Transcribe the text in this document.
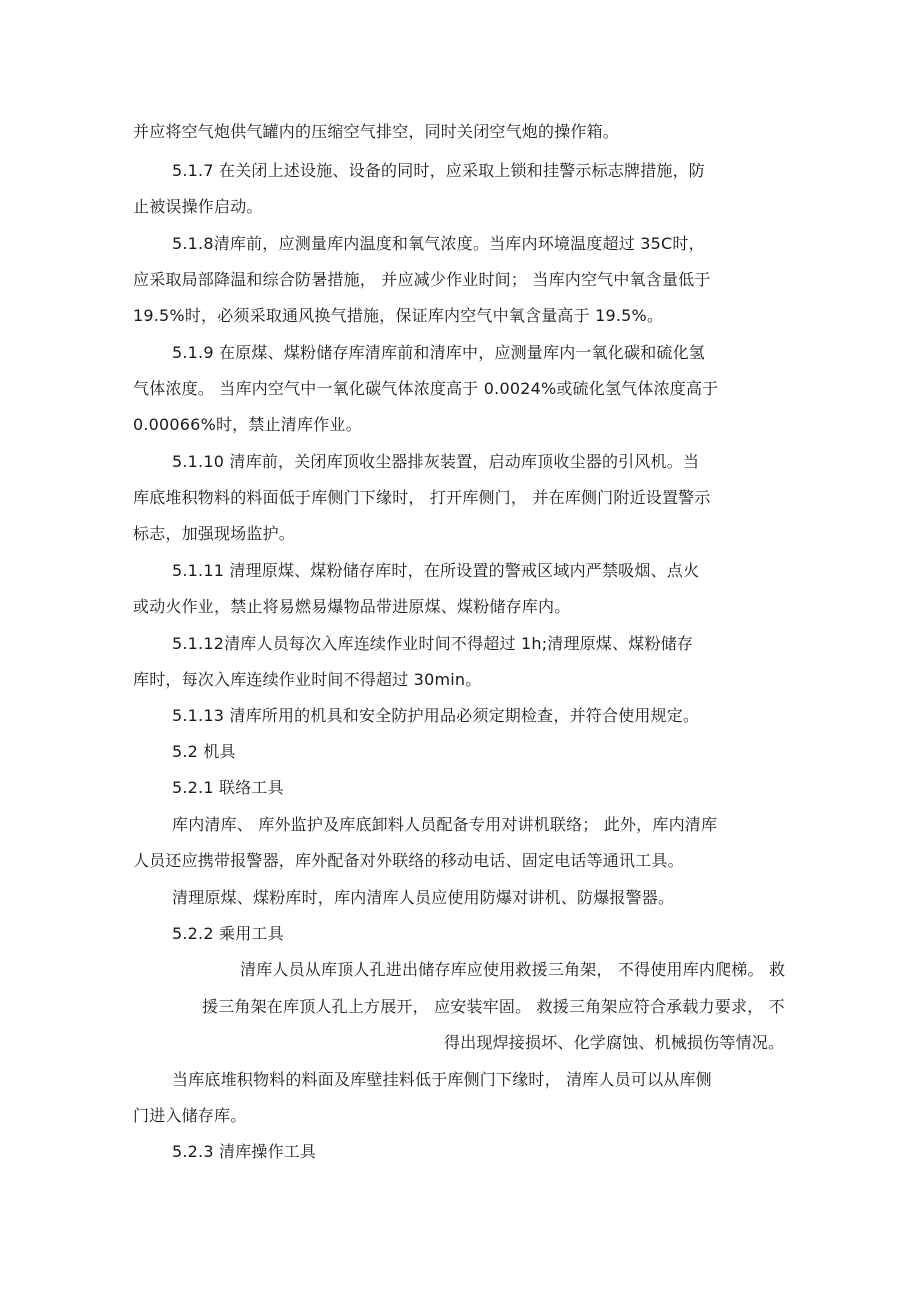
并应将空气炮供气罐内的压缩空气排空，同时关闭空气炮的操作箱。
5.1.7 在关闭上述设施、设备的同时，应采取上锁和挂警示标志牌措施，防
止被误操作启动。
5.1.8清库前，应测量库内温度和氧气浓度。当库内环境温度超过 35C时，
应采取局部降温和综合防暑措施， 并应减少作业时间； 当库内空气中氧含量低于
19.5%时，必须采取通风换气措施，保证库内空气中氧含量高于 19.5%。
5.1.9 在原煤、煤粉储存库清库前和清库中，应测量库内一氧化碳和硫化氢
气体浓度。 当库内空气中一氧化碳气体浓度高于 0.0024%或硫化氢气体浓度高于
0.00066%时，禁止清库作业。
5.1.10 清库前，关闭库顶收尘器排灰装置，启动库顶收尘器的引风机。当
库底堆积物料的料面低于库侧门下缘时， 打开库侧门， 并在库侧门附近设置警示
标志，加强现场监护。
5.1.11 清理原煤、煤粉储存库时，在所设置的警戒区域内严禁吸烟、点火
或动火作业，禁止将易燃易爆物品带进原煤、煤粉储存库内。
5.1.12清库人员每次入库连续作业时间不得超过 1h;清理原煤、煤粉储存
库时，每次入库连续作业时间不得超过 30min。
5.1.13 清库所用的机具和安全防护用品必须定期检查，并符合使用规定。
5.2 机具
5.2.1 联络工具
库内清库、 库外监护及库底卸料人员配备专用对讲机联络； 此外，库内清库
人员还应携带报警器，库外配备对外联络的移动电话、固定电话等通讯工具。
清理原煤、煤粉库时，库内清库人员应使用防爆对讲机、防爆报警器。
5.2.2 乘用工具
清库人员从库顶人孔进出储存库应使用救援三角架， 不得使用库内爬梯。 救
援三角架在库顶人孔上方展开， 应安装牢固。 救援三角架应符合承载力要求， 不
得出现焊接损坏、化学腐蚀、机械损伤等情况。
当库底堆积物料的料面及库壁挂料低于库侧门下缘时， 清库人员可以从库侧
门进入储存库。
5.2.3 清库操作工具
